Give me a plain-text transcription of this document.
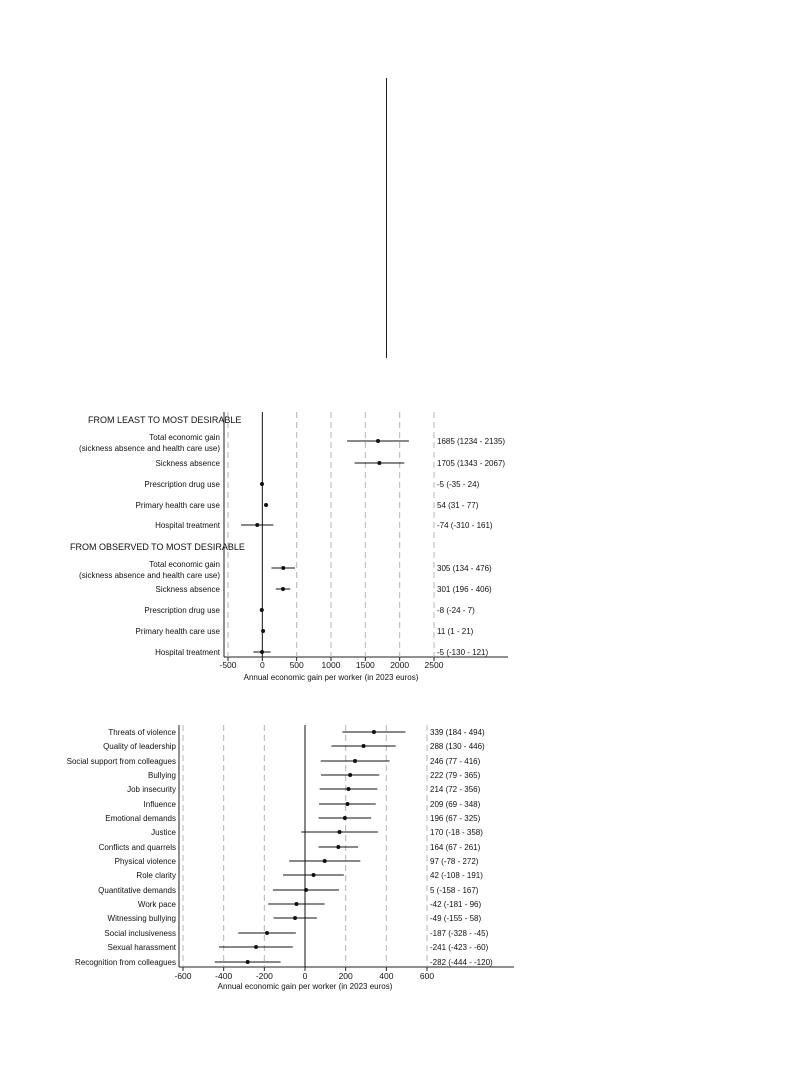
-500	0	500 1000 1500 2000 2500
Annual economic gain per worker (in 2023 euros)
FROM LEAST TO MOST DESIRABLE
Total economic gain
(sickness absence and health care use)
1685 (1234 - 2135)
Sickness absence	1705 (1343 - 2067)
Prescription drug use	-5 (-35 - 24)
Primary health care use	54 (31 - 77)
Hospital treatment	-74 (-310 - 161)
FROM OBSERVED TO MOST DESIRABLE
Total economic gain
(sickness absence and health care use)
305 (134 - 476)
Sickness absence	301 (196 - 406)
Prescription drug use	-8 (-24 - 7)
Primary health care use	11 (1 - 21)
Hospital treatment	-5 (-130 - 121)
-600	-400	-200	0	200	400	600
Annual economic gain per worker (in 2023 euros)
Threats of violence	339 (184 - 494)
Quality of leadership	288 (130 - 446)
Social support from colleagues	246 (77 - 416)
Bullying	222 (79 - 365)
Job insecurity	214 (72 - 356)
Influence	209 (69 - 348)
Emotional demands	196 (67 - 325)
Justice	170 (-18 - 358)
Conflicts and quarrels	164 (67 - 261)
Physical violence	97 (-78 - 272)
Role clarity	42 (-108 - 191)
Quantitative demands	5 (-158 - 167)
Work pace	-42 (-181 - 96)
Witnessing bullying	-49 (-155 - 58)
Social inclusiveness	-187 (-328 - -45)
Sexual harassment	-241 (-423 - -60)
Recognition from colleagues	-282 (-444 - -120)
